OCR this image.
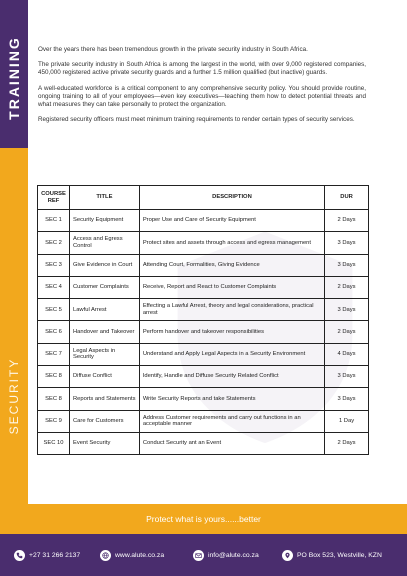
TRAINING
SECURITY

Over the years there has been tremendous growth in the private security industry in South Africa.

The private security industry in South Africa is among the largest in the world, with over 9,000 registered companies, 450,000 registered active private security guards and a further 1.5 million qualified (but inactive) guards.

A well-educated workforce is a critical component to any comprehensive security policy. You should provide routine, ongoing training to all of your employees—even key executives—teaching them how to detect potential threats and what measures they can take personally to protect the organization.

Registered security officers must meet minimum training requirements to render certain types of security services.

COURSE REF	TITLE	DESCRIPTION	DUR
SEC 1	Security Equipment	Proper Use and Care of Security Equipment	2 Days
SEC 2	Access and Egress Control	Protect sites and assets through access and egress management	3 Days
SEC 3	Give Evidence in Court	Attending Court, Formalities, Giving Evidence	3 Days
SEC 4	Customer Complaints	Receive, Report and React to Customer Complaints	2 Days
SEC 5	Lawful Arrest	Effecting a Lawful Arrest, theory and legal considerations, practical arrest	3 Days
SEC 6	Handover and Takeover	Perform handover and takeover responsibilities	2 Days
SEC 7	Legal Aspects in Security	Understand and Apply Legal Aspects in a Security Environment	4 Days
SEC 8	Diffuse Conflict	Identify, Handle and Diffuse Security Related Conflict	3 Days
SEC 8	Reports and Statements	Write Security Reports and take Statements	3 Days
SEC 9	Care for Customers	Address Customer requirements and carry out functions in an acceptable manner	1 Day
SEC 10	Event Security	Conduct Security ant an Event	2 Days
Protect what is yours......better
+27 31 266 2137	www.alute.co.za	info@alute.co.za	PO Box 523, Westville, KZN
